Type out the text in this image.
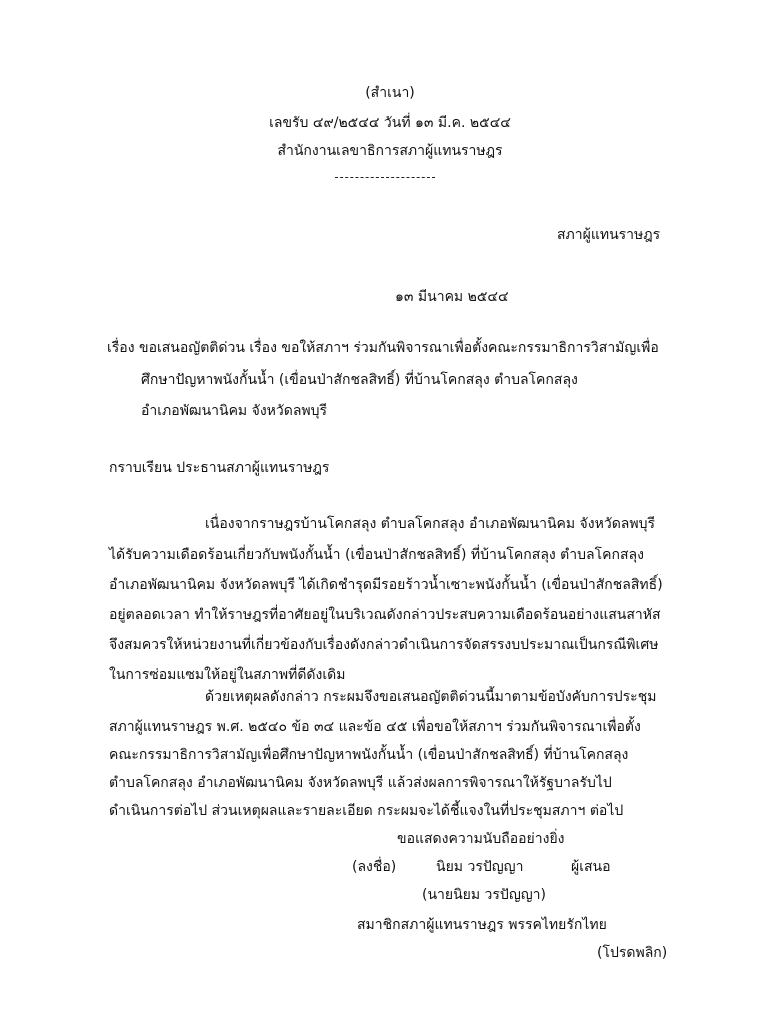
(สำเนา)
เลขรับ ๔๙/๒๕๔๔ วันที่ ๑๓ มี.ค. ๒๕๔๔
สำนักงานเลขาธิการสภาผู้แทนราษฎร
สภาผู้แทนราษฎร
๑๓ มีนาคม ๒๕๔๔
เรื่อง ขอเสนอญัตติด่วน เรื่อง ขอให้สภาฯ ร่วมกันพิจารณาเพื่อตั้งคณะกรรมาธิการวิสามัญเพื่อ
ศึกษาปัญหาพนังกั้นน้ำ (เขื่อนป่าสักชลสิทธิ์) ที่บ้านโคกสลุง ตำบลโคกสลุง
อำเภอพัฒนานิคม จังหวัดลพบุรี
กราบเรียน ประธานสภาผู้แทนราษฎร
เนื่องจากราษฎรบ้านโคกสลุง ตำบลโคกสลุง อำเภอพัฒนานิคม จังหวัดลพบุรี
ได้รับความเดือดร้อนเกี่ยวกับพนังกั้นน้ำ (เขื่อนป่าสักชลสิทธิ์) ที่บ้านโคกสลุง ตำบลโคกสลุง
อำเภอพัฒนานิคม จังหวัดลพบุรี ได้เกิดชำรุดมีรอยร้าวน้ำเซาะพนังกั้นน้ำ (เขื่อนป่าสักชลสิทธิ์)
อยู่ตลอดเวลา ทำให้ราษฎรที่อาศัยอยู่ในบริเวณดังกล่าวประสบความเดือดร้อนอย่างแสนสาหัส
จึงสมควรให้หน่วยงานที่เกี่ยวข้องกับเรื่องดังกล่าวดำเนินการจัดสรรงบประมาณเป็นกรณีพิเศษ
ในการซ่อมแซมให้อยู่ในสภาพที่ดีดังเดิม
ด้วยเหตุผลดังกล่าว กระผมจึงขอเสนอญัตติด่วนนี้มาตามข้อบังคับการประชุม
สภาผู้แทนราษฎร พ.ศ. ๒๕๔๐ ข้อ ๓๔ และข้อ ๔๕ เพื่อขอให้สภาฯ ร่วมกันพิจารณาเพื่อตั้ง
คณะกรรมาธิการวิสามัญเพื่อศึกษาปัญหาพนังกั้นน้ำ (เขื่อนป่าสักชลสิทธิ์) ที่บ้านโคกสลุง
ตำบลโคกสลุง อำเภอพัฒนานิคม จังหวัดลพบุรี แล้วส่งผลการพิจารณาให้รัฐบาลรับไป
ดำเนินการต่อไป ส่วนเหตุผลและรายละเอียด กระผมจะได้ชี้แจงในที่ประชุมสภาฯ ต่อไป
ขอแสดงความนับถืออย่างยิ่ง
(ลงชื่อ)	นิยม วรปัญญา	ผู้เสนอ
(นายนิยม วรปัญญา)
สมาชิกสภาผู้แทนราษฎร พรรคไทยรักไทย
(โปรดพลิก)
